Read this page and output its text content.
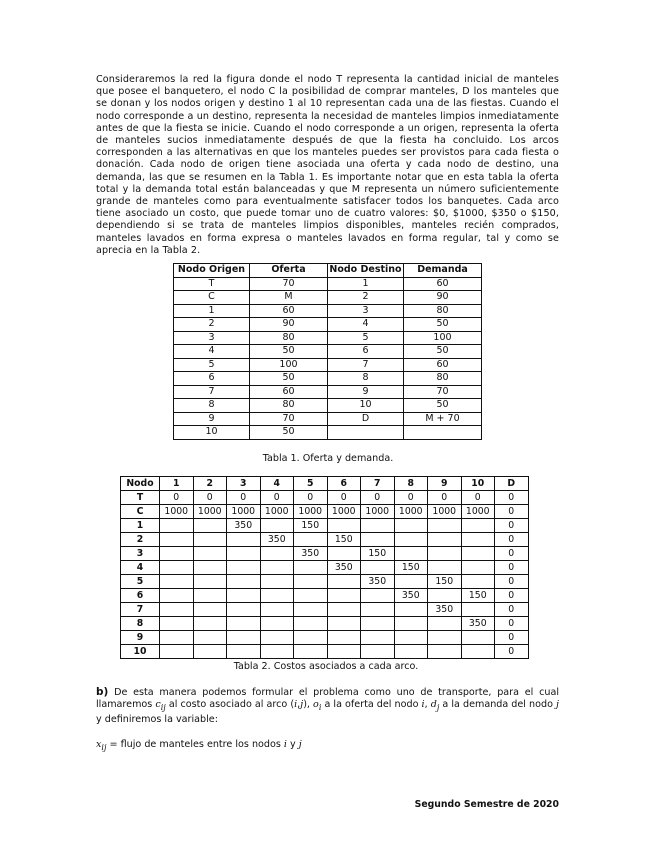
Consideraremos la red la figura donde el nodo T representa la cantidad inicial de manteles que posee el banquetero, el nodo C la posibilidad de comprar manteles, D los manteles que se donan y los nodos origen y destino 1 al 10 representan cada una de las fiestas. Cuando el nodo corresponde a un destino, representa la necesidad de manteles limpios inmediatamente antes de que la fiesta se inicie. Cuando el nodo corresponde a un origen, representa la oferta de manteles sucios inmediatamente después de que la fiesta ha concluido. Los arcos corresponden a las alternativas en que los manteles puedes ser provistos para cada fiesta o donación. Cada nodo de origen tiene asociada una oferta y cada nodo de destino, una demanda, las que se resumen en la Tabla 1. Es importante notar que en esta tabla la oferta total y la demanda total están balanceadas y que M representa un número suficientemente grande de manteles como para eventualmente satisfacer todos los banquetes. Cada arco tiene asociado un costo, que puede tomar uno de cuatro valores: $0, $1000, $350 o $150, dependiendo si se trata de manteles limpios disponibles, manteles recién comprados, manteles lavados en forma expresa o manteles lavados en forma regular, tal y como se aprecia en la Tabla 2.

Nodo Origen	Oferta	Nodo Destino	Demanda
T	70	1	60
C	M	2	90
1	60	3	80
2	90	4	50
3	80	5	100
4	50	6	50
5	100	7	60
6	50	8	80
7	60	9	70
8	80	10	50
9	70	D	M + 70
10	50		

Tabla 1. Oferta y demanda.

Nodo	1	2	3	4	5	6	7	8	9	10	D
T	0	0	0	0	0	0	0	0	0	0	0
C	1000	1000	1000	1000	1000	1000	1000	1000	1000	1000	0
1			350		150						0
2				350		150					0
3					350		150				0
4						350		150			0
5							350		150		0
6								350		150	0
7									350		0
8										350	0
9											0
10											0

Tabla 2. Costos asociados a cada arco.

b) De esta manera podemos formular el problema como uno de transporte, para el cual llamaremos $c_{ij}$ al costo asociado al arco (i,j), $o_i$ a la oferta del nodo i, $d_j$ a la demanda del nodo j y definiremos la variable:

$x_{ij}$ = flujo de manteles entre los nodos i y j

Segundo Semestre de 2020
